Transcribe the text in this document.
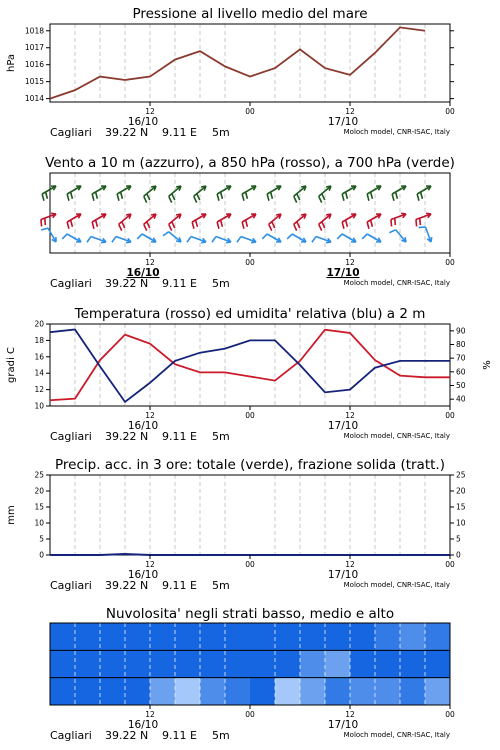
Pressione al livello medio del mare
1014
1015
1016
1017
1018
hPa
12	00	12	00
16/10	17/10
Cagliari 39.22 N 9.11 E 5m	Moloch model, CNR-ISAC, Italy
Vento a 10 m (azzurro), a 850 hPa (rosso), a 700 hPa (verde)
12	00	12	00
16/10	17/10
Cagliari 39.22 N 9.11 E 5m	Moloch model, CNR-ISAC, Italy
Temperatura (rosso) ed umidita' relativa (blu) a 2 m
10
12
14
16
18
20
40
50
60
70
80
90
gradi C	%
12	00	12	00
16/10	17/10
Cagliari 39.22 N 9.11 E 5m	Moloch model, CNR-ISAC, Italy
Precip. acc. in 3 ore: totale (verde), frazione solida (tratt.)
0	0
5	5
10	10
15	15
20	20
25	25
mm
12	00	12	00
16/10	17/10
Cagliari 39.22 N 9.11 E 5m	Moloch model, CNR-ISAC, Italy
Nuvolosita' negli strati basso, medio e alto
12	00	12	00
16/10	17/10
Cagliari 39.22 N 9.11 E 5m	Moloch model, CNR-ISAC, Italy
